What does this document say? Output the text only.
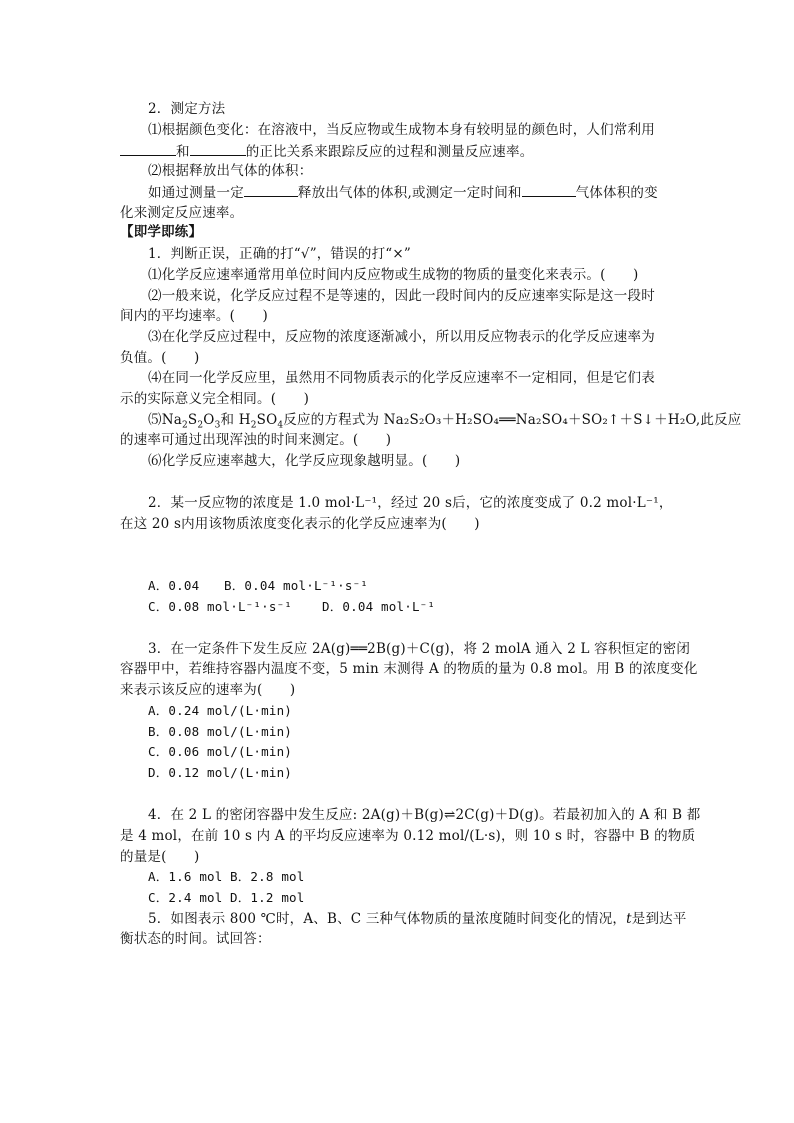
2．测定方法
⑴根据颜色变化：在溶液中，当反应物或生成物本身有较明显的颜色时，人们常利用
和	的正比关系来跟踪反应的过程和测量反应速率。
⑵根据释放出气体的体积：
如通过测量一定	释放出气体的体积,或测定一定时间和	气体体积的变
化来测定反应速率。
【即学即练】
1．判断正误，正确的打“√”，错误的打“×”
⑴化学反应速率通常用单位时间内反应物或生成物的物质的量变化来表示。(　　)
⑵一般来说，化学反应过程不是等速的，因此一段时间内的反应速率实际是这一段时
间内的平均速率。(　　)
⑶在化学反应过程中，反应物的浓度逐渐减小，所以用反应物表示的化学反应速率为
负值。(　　)
⑷在同一化学反应里，虽然用不同物质表示的化学反应速率不一定相同，但是它们表
示的实际意义完全相同。(　　)
$⑸Na_2S_2O_3$和 $H_2SO_4$反应的方程式为 Na₂S₂O₃＋H₂SO₄══Na₂SO₄＋SO₂↑＋S↓＋H₂O,此反应
的速率可通过出现浑浊的时间来测定。(　　)
⑹化学反应速率越大，化学反应现象越明显。(　　)
2．某一反应物的浓度是 1.0 mol·L⁻¹，经过 20 s后，它的浓度变成了 0.2 mol·L⁻¹，
在这 20 s内用该物质浓度变化表示的化学反应速率为(　　)
A．0.04 B．0.04 mol·L⁻¹·s⁻¹
C．0.08 mol·L⁻¹·s⁻¹ D．0.04 mol·L⁻¹
3．在一定条件下发生反应 2A(g)══2B(g)＋C(g)，将 2 molA 通入 2 L 容积恒定的密闭
容器甲中，若维持容器内温度不变，5 min 末测得 A 的物质的量为 0.8 mol。用 B 的浓度变化
来表示该反应的速率为(　　)
A．0.24 mol/(L·min)
B．0.08 mol/(L·min)
C．0.06 mol/(L·min)
D．0.12 mol/(L·min)
4．在 2 L 的密闭容器中发生反应: 2A(g)＋B(g)⇌2C(g)＋D(g)。若最初加入的 A 和 B 都
是 4 mol，在前 10 s 内 A 的平均反应速率为 0.12 mol/(L·s)，则 10 s 时，容器中 B 的物质
的量是(　　)
A．1.6 mol B．2.8 mol
C．2.4 mol D．1.2 mol
5．如图表示 800 ℃时，A、B、C 三种气体物质的量浓度随时间变化的情况，t是到达平
衡状态的时间。试回答：
